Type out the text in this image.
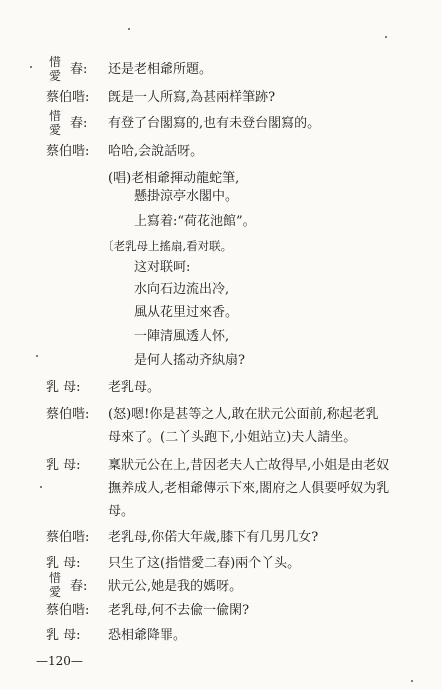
惜
愛 春: 还是老相爺所題。
蔡伯喈: 旣是一人所寫,為甚兩样筆跡?
惜
愛 春: 有登了台閣寫的,也有未登台閣寫的。
蔡伯喈: 哈哈,会說話呀。
(唱)老相爺揮动龍蛇筆,
懸掛涼亭水閣中。
上寫着:“荷花池館”。
〔老乳母上搖扇,看对联。
这对联呵:
水向石边流出冷,
風从花里过來香。
一陣清風透人怀,
是何人搖动齐紈扇?
乳 母: 老乳母。
蔡伯喈: (怒)嗯!你是甚等之人,敢在狀元公面前,称起老乳
母來了。(二丫头跑下,小姐站立)夫人請坐。
乳 母: 稟狀元公在上,昔因老夫人亡故得早,小姐是由老奴
撫养成人,老相爺傳示下來,閤府之人俱要呼奴为乳
母。
蔡伯喈: 老乳母,你偌大年歲,膝下有几男几女?
乳 母: 只生了这(指惜愛二春)兩个丫头。
惜
愛 春: 狀元公,她是我的媽呀。
蔡伯喈: 老乳母,何不去偸一偸閑?
乳 母: 恐相爺降罪。
—120—
